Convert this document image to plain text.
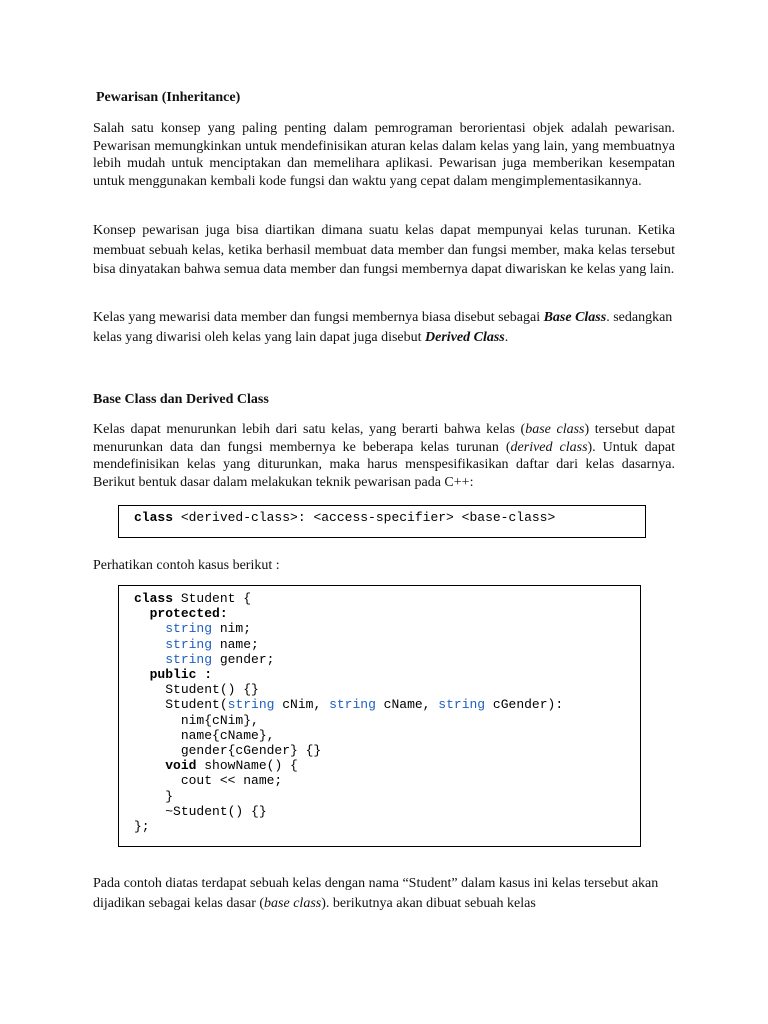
Pewarisan (Inheritance)
Salah satu konsep yang paling penting dalam pemrograman berorientasi objek adalah pewarisan. Pewarisan memungkinkan untuk mendefinisikan aturan kelas dalam kelas yang lain, yang membuatnya lebih mudah untuk menciptakan dan memelihara aplikasi. Pewarisan juga memberikan kesempatan untuk menggunakan kembali kode fungsi dan waktu yang cepat dalam mengimplementasikannya.
Konsep pewarisan juga bisa diartikan dimana suatu kelas dapat mempunyai kelas turunan. Ketika membuat sebuah kelas, ketika berhasil membuat data member dan fungsi member, maka kelas tersebut bisa dinyatakan bahwa semua data member dan fungsi membernya dapat diwariskan ke kelas yang lain.
Kelas yang mewarisi data member dan fungsi membernya biasa disebut sebagai Base Class. sedangkan kelas yang diwarisi oleh kelas yang lain dapat juga disebut Derived Class.
Base Class dan Derived Class
Kelas dapat menurunkan lebih dari satu kelas, yang berarti bahwa kelas (base class) tersebut dapat menurunkan data dan fungsi membernya ke beberapa kelas turunan (derived class). Untuk dapat mendefinisikan kelas yang diturunkan, maka harus menspesifikasikan daftar dari kelas dasarnya. Berikut bentuk dasar dalam melakukan teknik pewarisan pada C++:
class <derived-class>: <access-specifier> <base-class>
Perhatikan contoh kasus berikut :
class Student {
protected:
string nim;
string name;
string gender;
public :
Student() {}
Student(string cNim, string cName, string cGender):
nim{cNim},
name{cName},
gender{cGender} {}
void showName() {
cout << name;
}
~Student() {}
};
Pada contoh diatas terdapat sebuah kelas dengan nama “Student” dalam kasus ini kelas tersebut akan dijadikan sebagai kelas dasar (base class). berikutnya akan dibuat sebuah kelas
